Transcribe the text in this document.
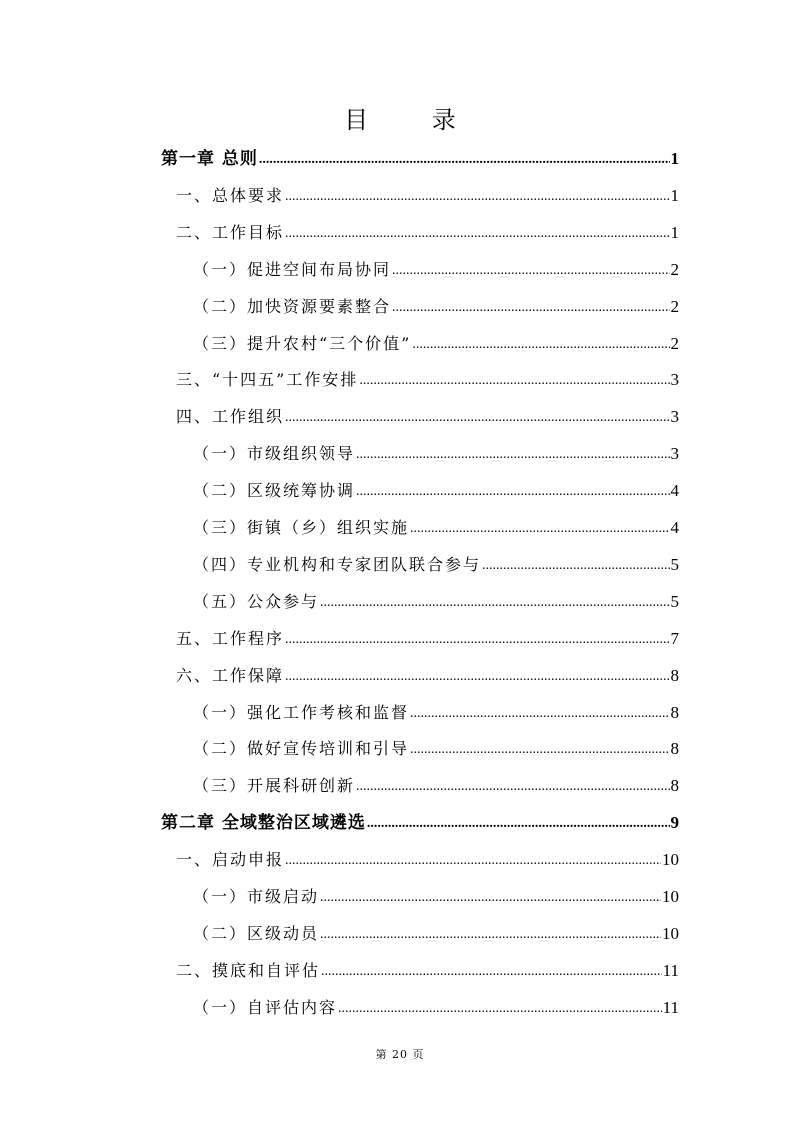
目 录
第一章 总则 .....	1
一、总体要求 .....	1
二、工作目标 .....	1
（一）促进空间布局协同 .....	2
（二）加快资源要素整合 .....	2
（三）提升农村“三个价值” .....	2
三、“十四五”工作安排 .....	3
四、工作组织 .....	3
（一）市级组织领导 .....	3
（二）区级统筹协调 .....	4
（三）街镇（乡）组织实施 .....	4
（四）专业机构和专家团队联合参与 .....	5
（五）公众参与 .....	5
五、工作程序 .....	7
六、工作保障 .....	8
（一）强化工作考核和监督 .....	8
（二）做好宣传培训和引导 .....	8
（三）开展科研创新 .....	8
第二章 全域整治区域遴选 .....	9
一、启动申报 .....	10
（一）市级启动 .....	10
（二）区级动员 .....	10
二、摸底和自评估 .....	11
（一）自评估内容 .....	11
第 20 页
